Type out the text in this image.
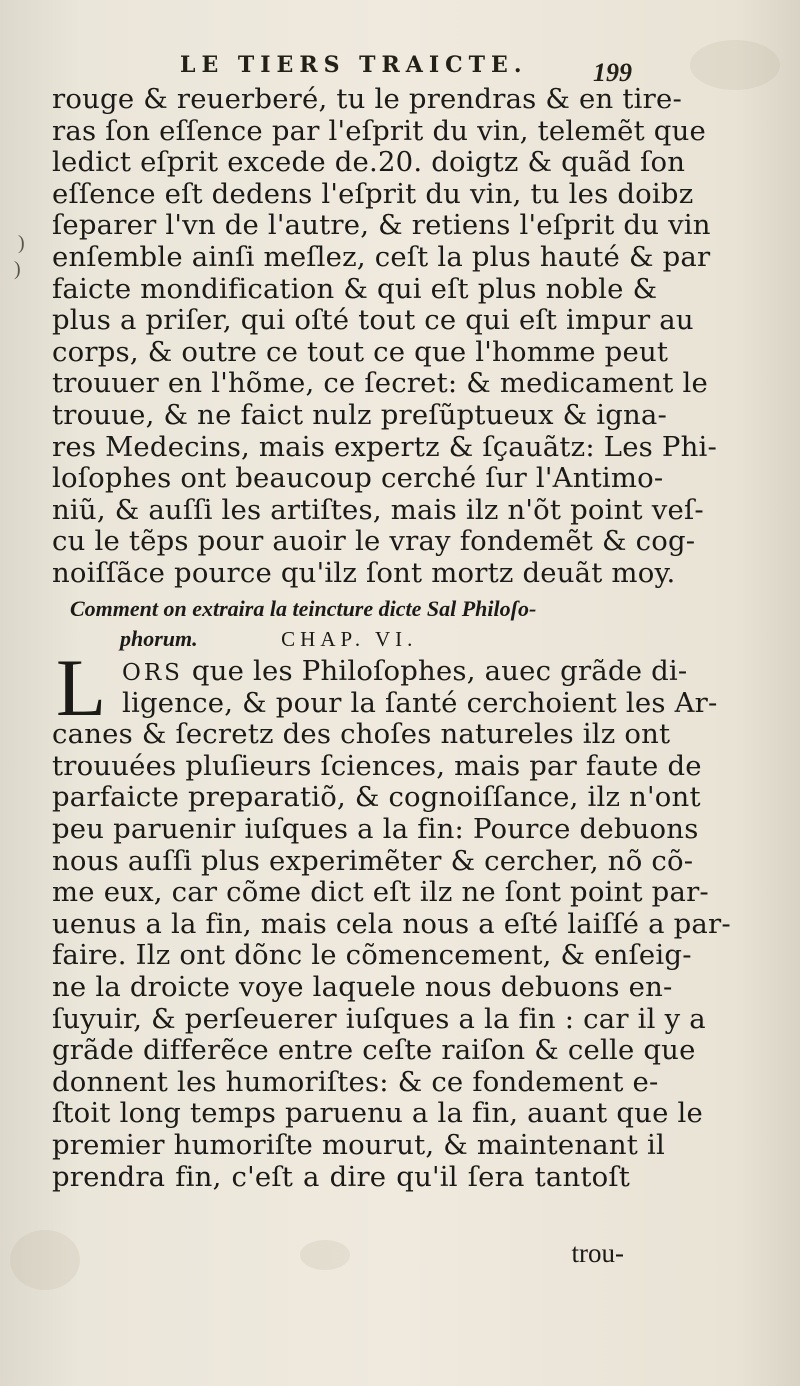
)
)
LE TIERS TRAICTE.	199
rouge & reuerberé, tu le prendras & en tire-
ras ſon eſſence par l'eſprit du vin, telemẽt que
ledict eſprit excede de.20. doigtz & quãd ſon
eſſence eſt dedens l'eſprit du vin, tu les doibz
ſeparer l'vn de l'autre, & retiens l'eſprit du vin
enſemble ainſi meſlez, ceſt la plus hauté & par
faicte mondification & qui eſt plus noble &
plus a priſer, qui oſté tout ce qui eſt impur au
corps, & outre ce tout ce que l'homme peut
trouuer en l'hõme, ce ſecret: & medicament le
trouue, & ne faict nulz preſũptueux & igna-
res Medecins, mais expertz & ſçauãtz: Les Phi-
loſophes ont beaucoup cerché ſur l'Antimo-
niũ, & auſſi les artiſtes, mais ilz n'õt point veſ-
cu le tẽps pour auoir le vray fondemẽt & cog-
noiſſãce pource qu'ilz ſont mortz deuãt moy.
Comment on extraira la teincture dicte Sal Philoſo-
phorum.	CHAP. VI.
L ORS que les Philoſophes, auec grãde di-
ligence, & pour la ſanté cerchoient les Ar-
canes & ſecretz des choſes natureles ilz ont
trouuées pluſieurs ſciences, mais par faute de
parfaicte preparatiõ, & cognoiſſance, ilz n'ont
peu paruenir iuſques a la fin: Pource debuons
nous auſſi plus experimẽter & cercher, nõ cõ-
me eux, car cõme dict eſt ilz ne ſont point par-
uenus a la fin, mais cela nous a eſté laiſſé a par-
faire. Ilz ont dõnc le cõmencement, & enſeig-
ne la droicte voye laquele nous debuons en-
ſuyuir, & perſeuerer iuſques a la fin : car il y a
grãde differẽce entre ceſte raiſon & celle que
donnent les humoriſtes: & ce fondement e-
ſtoit long temps paruenu a la fin, auant que le
premier humoriſte mourut, & maintenant il
prendra fin, c'eſt a dire qu'il ſera tantoſt
trou-
